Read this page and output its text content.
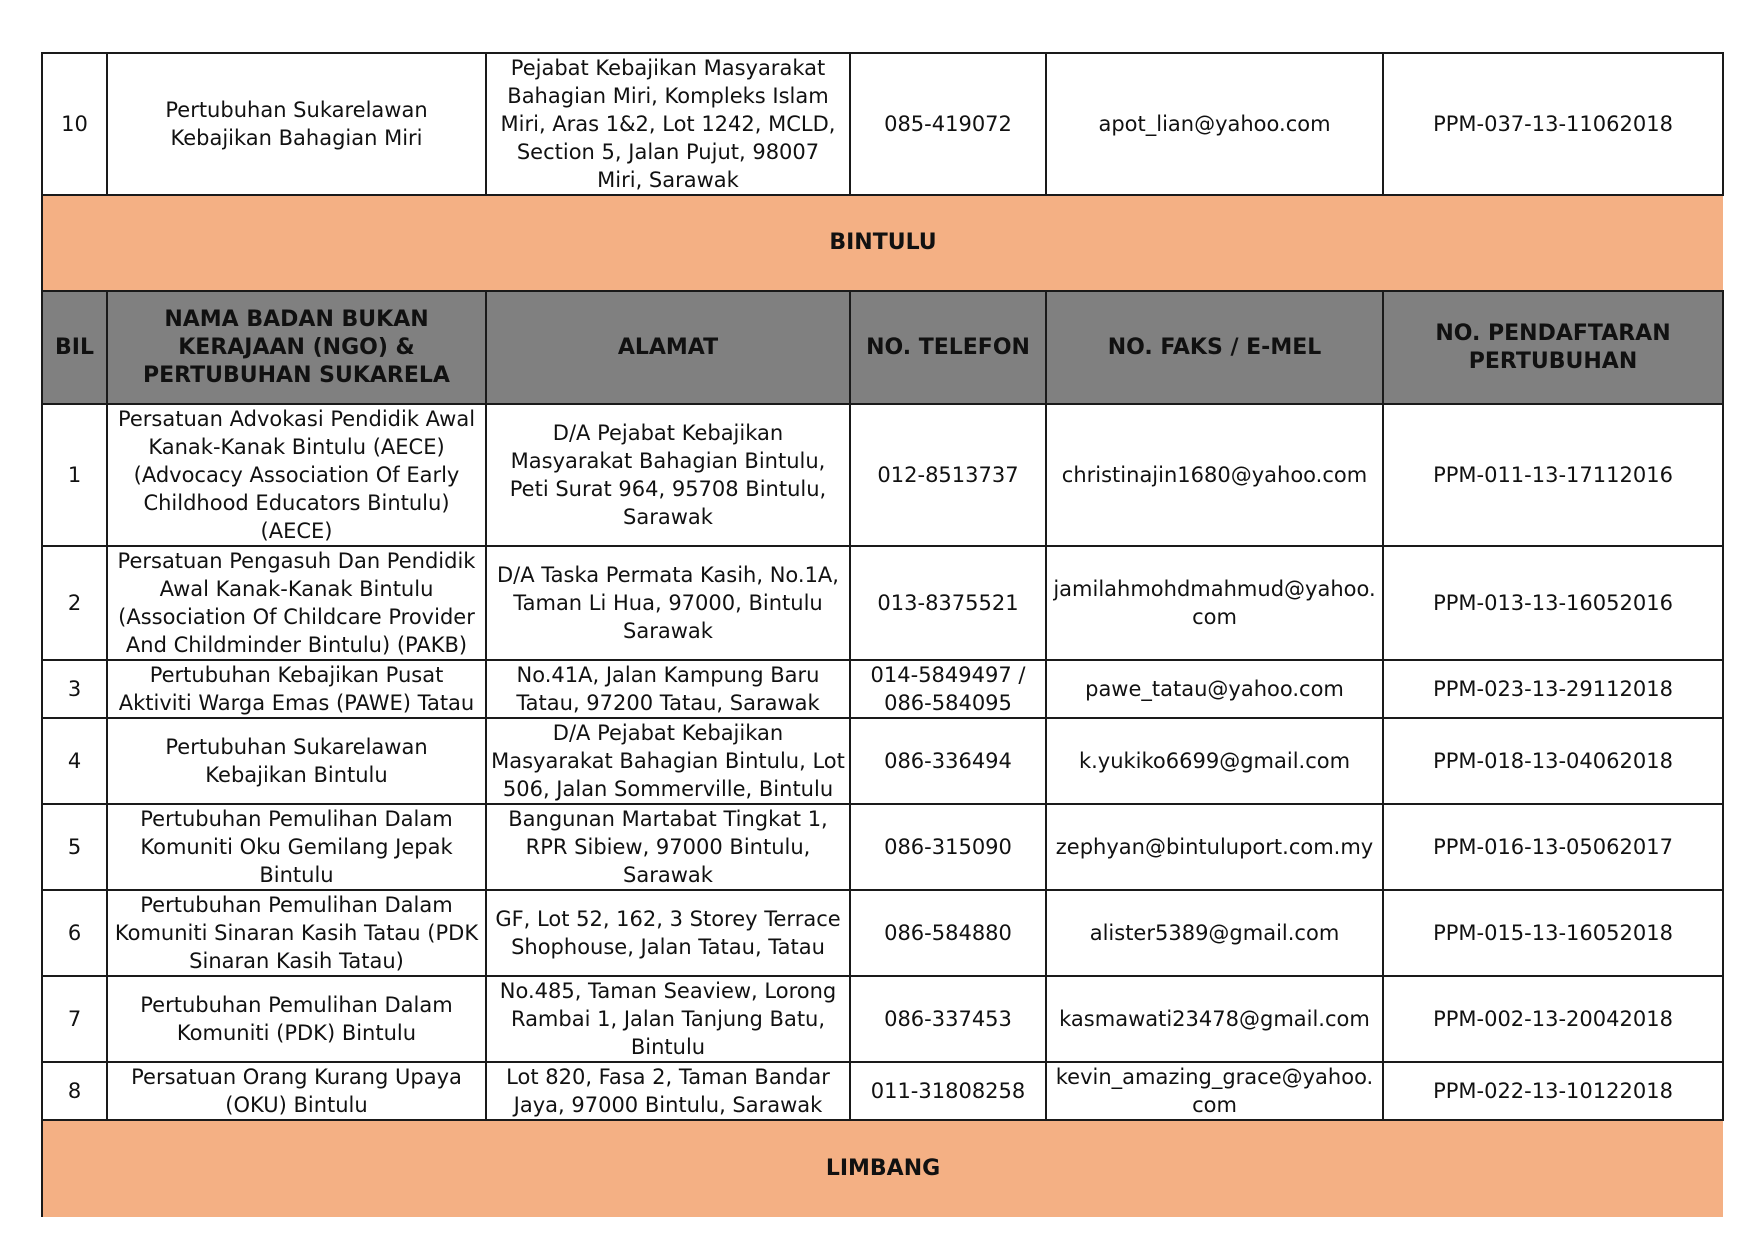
10	Pertubuhan Sukarelawan Kebajikan Bahagian Miri	Pejabat Kebajikan Masyarakat Bahagian Miri, Kompleks Islam Miri, Aras 1&2, Lot 1242, MCLD, Section 5, Jalan Pujut, 98007 Miri, Sarawak	085-419072	apot_lian@yahoo.com	PPM-037-13-11062018
BINTULU					
BIL	NAMA BADAN BUKAN KERAJAAN (NGO) & PERTUBUHAN SUKARELA	ALAMAT	NO. TELEFON	NO. FAKS / E-MEL	NO. PENDAFTARAN PERTUBUHAN
1	Persatuan Advokasi Pendidik Awal Kanak-Kanak Bintulu (AECE) (Advocacy Association Of Early Childhood Educators Bintulu) (AECE)	D/A Pejabat Kebajikan Masyarakat Bahagian Bintulu, Peti Surat 964, 95708 Bintulu, Sarawak	012-8513737	christinajin1680@yahoo.com	PPM-011-13-17112016
2	Persatuan Pengasuh Dan Pendidik Awal Kanak-Kanak Bintulu (Association Of Childcare Provider And Childminder Bintulu) (PAKB)	D/A Taska Permata Kasih, No.1A, Taman Li Hua, 97000, Bintulu Sarawak	013-8375521	jamilahmohdmahmud@yahoo.com	PPM-013-13-16052016
3	Pertubuhan Kebajikan Pusat Aktiviti Warga Emas (PAWE) Tatau	No.41A, Jalan Kampung Baru Tatau, 97200 Tatau, Sarawak	014-5849497 / 086-584095	pawe_tatau@yahoo.com	PPM-023-13-29112018
4	Pertubuhan Sukarelawan Kebajikan Bintulu	D/A Pejabat Kebajikan Masyarakat Bahagian Bintulu, Lot 506, Jalan Sommerville, Bintulu	086-336494	k.yukiko6699@gmail.com	PPM-018-13-04062018
5	Pertubuhan Pemulihan Dalam Komuniti Oku Gemilang Jepak Bintulu	Bangunan Martabat Tingkat 1, RPR Sibiew, 97000 Bintulu, Sarawak	086-315090	zephyan@bintuluport.com.my	PPM-016-13-05062017
6	Pertubuhan Pemulihan Dalam Komuniti Sinaran Kasih Tatau (PDK Sinaran Kasih Tatau)	GF, Lot 52, 162, 3 Storey Terrace Shophouse, Jalan Tatau, Tatau	086-584880	alister5389@gmail.com	PPM-015-13-16052018
7	Pertubuhan Pemulihan Dalam Komuniti (PDK) Bintulu	No.485, Taman Seaview, Lorong Rambai 1, Jalan Tanjung Batu, Bintulu	086-337453	kasmawati23478@gmail.com	PPM-002-13-20042018
8	Persatuan Orang Kurang Upaya (OKU) Bintulu	Lot 820, Fasa 2, Taman Bandar Jaya, 97000 Bintulu, Sarawak	011-31808258	kevin_amazing_grace@yahoo.com	PPM-022-13-10122018
LIMBANG					
